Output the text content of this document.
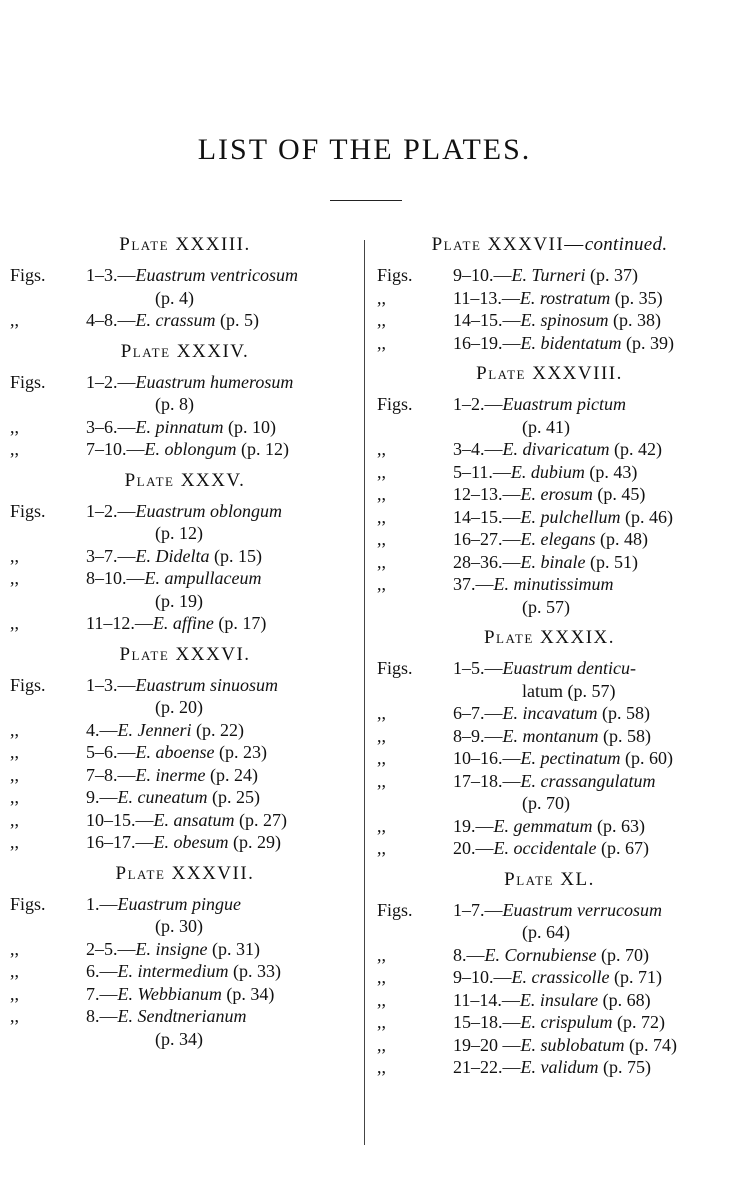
LIST OF THE PLATES.
Plate XXXIII.
Figs.	1–3.—Euastrum ventricosum
(p. 4)
,,	4–8.—E. crassum (p. 5)
Plate XXXIV.
Figs.	1–2.—Euastrum humerosum
(p. 8)
,,	3–6.—E. pinnatum (p. 10)
,,	7–10.—E. oblongum (p. 12)
Plate XXXV.
Figs.	1–2.—Euastrum oblongum
(p. 12)
,,	3–7.—E. Didelta (p. 15)
,,	8–10.—E. ampullaceum
(p. 19)
,,	11–12.—E. affine (p. 17)
Plate XXXVI.
Figs.	1–3.—Euastrum sinuosum
(p. 20)
,,	4.—E. Jenneri (p. 22)
,,	5–6.—E. aboense (p. 23)
,,	7–8.—E. inerme (p. 24)
,,	9.—E. cuneatum (p. 25)
,,	10–15.—E. ansatum (p. 27)
,,	16–17.—E. obesum (p. 29)
Plate XXXVII.
Figs.	1.—Euastrum pingue
(p. 30)
,,	2–5.—E. insigne (p. 31)
,,	6.—E. intermedium (p. 33)
,,	7.—E. Webbianum (p. 34)
,,	8.—E. Sendtnerianum
(p. 34)
Plate XXXVII—continued.
Figs.	9–10.—E. Turneri (p. 37)
,,	11–13.—E. rostratum (p. 35)
,,	14–15.—E. spinosum (p. 38)
,,	16–19.—E. bidentatum (p. 39)
Plate XXXVIII.
Figs.	1–2.—Euastrum pictum
(p. 41)
,,	3–4.—E. divaricatum (p. 42)
,,	5–11.—E. dubium (p. 43)
,,	12–13.—E. erosum (p. 45)
,,	14–15.—E. pulchellum (p. 46)
,,	16–27.—E. elegans (p. 48)
,,	28–36.—E. binale (p. 51)
,,	37.—E. minutissimum
(p. 57)
Plate XXXIX.
Figs.	1–5.—Euastrum denticu-
latum (p. 57)
,,	6–7.—E. incavatum (p. 58)
,,	8–9.—E. montanum (p. 58)
,,	10–16.—E. pectinatum (p. 60)
,,	17–18.—E. crassangulatum
(p. 70)
,,	19.—E. gemmatum (p. 63)
,,	20.—E. occidentale (p. 67)
Plate XL.
Figs.	1–7.—Euastrum verrucosum
(p. 64)
,,	8.—E. Cornubiense (p. 70)
,,	9–10.—E. crassicolle (p. 71)
,,	11–14.—E. insulare (p. 68)
,,	15–18.—E. crispulum (p. 72)
,,	19–20 —E. sublobatum (p. 74)
,,	21–22.—E. validum (p. 75)
